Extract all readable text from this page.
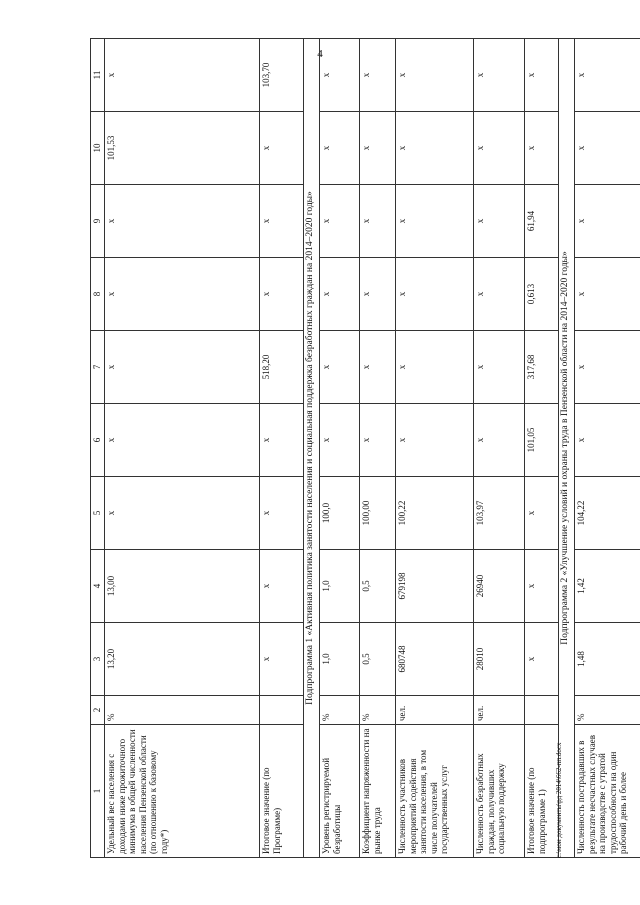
4
1	2	3	4	5	6	7	8	9	10	11
Удельный вес населения с доходами ниже прожиточного минимума в общей численности населения Пензенской области (по отношению к базовому году*)	%	13,20	13,00	x	x	x	x	x	101,53	x
Итоговое значение (по Программе)		x	x	x	x	518,20	x	x	x	103,70
Подпрограмма 1 «Активная политика занятости населения и социальная поддержка безработных граждан на 2014–2020 годы»										
Уровень регистрируемой безработицы	%	1,0	1,0	100,0	x	x	x	x	x	x
Коэффициент напряженности на рынке труда	%	0,5	0,5	100,00	x	x	x	x	x	x
Численность участников мероприятий содействия занятости населения, в том числе получателей государственных услуг	чел.	680748	679198	100,22	x	x	x	x	x	x
Численность безработных граждан, получивших социальную поддержку	чел.	28010	26940	103,97	x	x	x	x	x	x
Итоговое значение (по подпрограмме 1)		x	x	x	101,05	317,68	0,613	61,94	x	x
Подпрограмма 2 «Улучшение условий и охраны труда в Пензенской области на 2014–2020 годы»										
Численность пострадавших в результате несчастных случаев на производстве с утратой трудоспособности на один рабочий день и более	%	1,48	1,42	104,22	x	x	x	x	x	x
c:\мои документы\рд 2014\662-пп.docx
